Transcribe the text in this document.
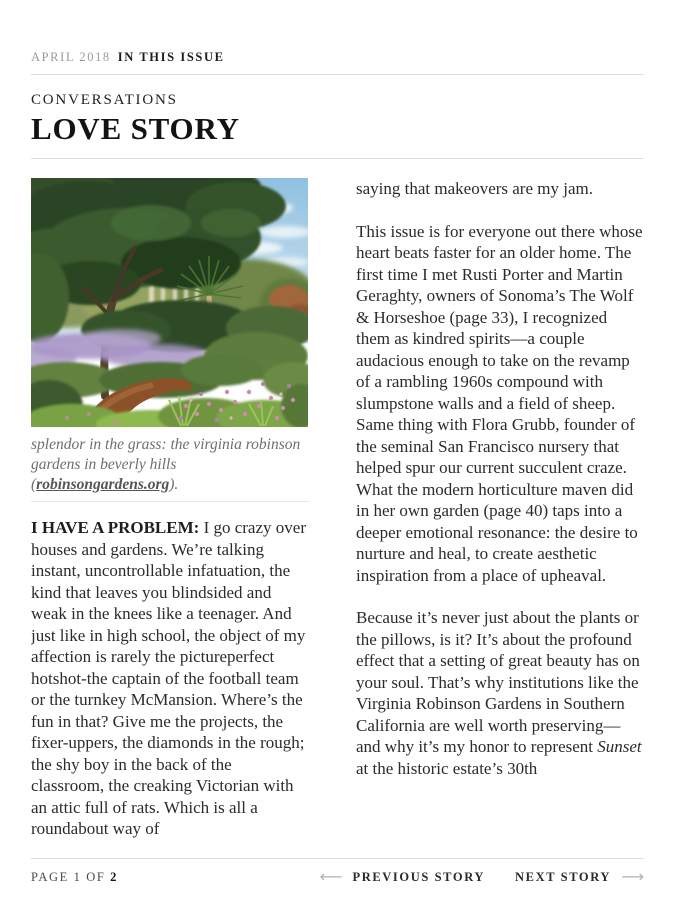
APRIL 2018 IN THIS ISSUE
CONVERSATIONS
LOVE STORY
splendor in the grass: the virginia robinson gardens in beverly hills (robinsongardens.org).

I HAVE A PROBLEM: I go crazy over houses and gardens. We’re talking instant, uncontrollable infatuation, the kind that leaves you blindsided and weak in the knees like a teenager. And just like in high school, the object of my affection is rarely the pictureperfect hotshot-the captain of the football team or the turnkey McMansion. Where’s the fun in that? Give me the projects, the fixer-uppers, the diamonds in the rough; the shy boy in the back of the classroom, the creaking Victorian with an attic full of rats. Which is all a roundabout way of

saying that makeovers are my jam.

This issue is for everyone out there whose heart beats faster for an older home. The first time I met Rusti Porter and Martin Geraghty, owners of Sonoma’s The Wolf & Horseshoe (page 33), I recognized them as kindred spirits—a couple audacious enough to take on the revamp of a rambling 1960s compound with slumpstone walls and a field of sheep. Same thing with Flora Grubb, founder of the seminal San Francisco nursery that helped spur our current succulent craze. What the modern horticulture maven did in her own garden (page 40) taps into a deeper emotional resonance: the desire to nurture and heal, to create aesthetic inspiration from a place of upheaval.

Because it’s never just about the plants or the pillows, is it? It’s about the profound effect that a setting of great beauty has on your soul. That’s why institutions like the Virginia Robinson Gardens in Southern California are well worth preserving—and why it’s my honor to represent Sunset at the historic estate’s 30th

PAGE 1 OF 2	⟵ PREVIOUS STORY NEXT STORY ⟶
